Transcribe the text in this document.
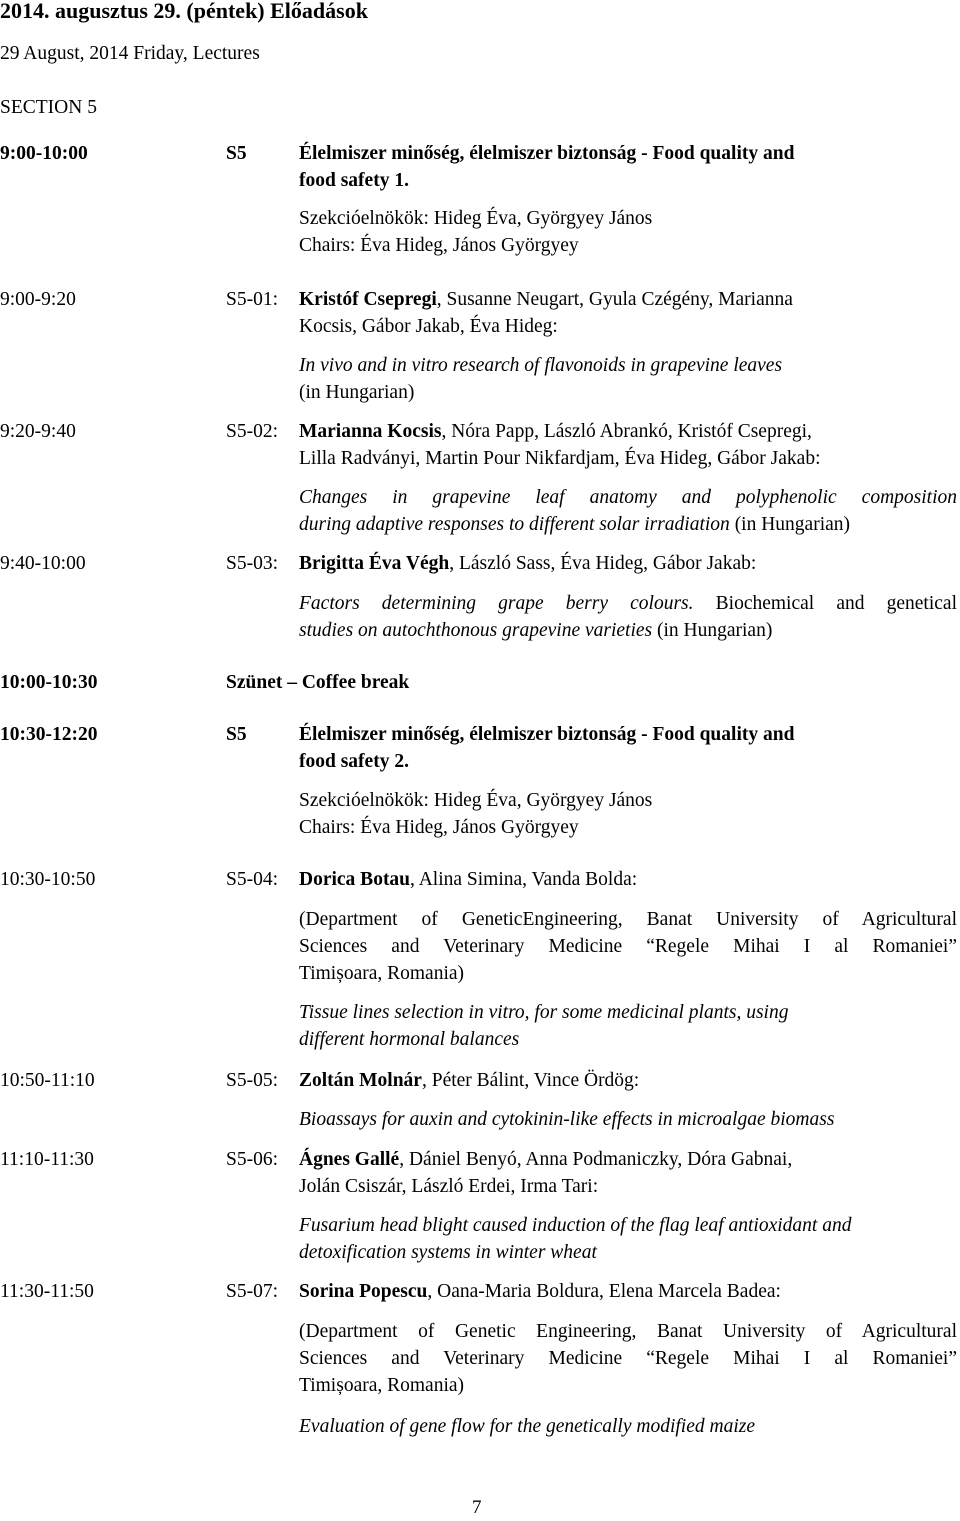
2014. augusztus 29. (péntek) Előadások
29 August, 2014 Friday, Lectures
SECTION 5
9:00-10:00	S5	Élelmiszer minőség, élelmiszer biztonság - Food quality and
food safety 1.
Szekcióelnökök: Hideg Éva, Györgyey János
Chairs: Éva Hideg, János Györgyey
9:00-9:20	S5-01: Kristóf Csepregi, Susanne Neugart, Gyula Czégény, Marianna
Kocsis, Gábor Jakab, Éva Hideg:
In vivo and in vitro research of flavonoids in grapevine leaves
(in Hungarian)
9:20-9:40	S5-02: Marianna Kocsis, Nóra Papp, László Abrankó, Kristóf Csepregi,
Lilla Radványi, Martin Pour Nikfardjam, Éva Hideg, Gábor Jakab:
Changes in grapevine leaf anatomy and polyphenolic composition
during adaptive responses to different solar irradiation (in Hungarian)
9:40-10:00	S5-03: Brigitta Éva Végh, László Sass, Éva Hideg, Gábor Jakab:
Factors determining grape berry colours. Biochemical and genetical
studies on autochthonous grapevine varieties (in Hungarian)
10:00-10:30	Szünet – Coffee break
10:30-12:20	S5	Élelmiszer minőség, élelmiszer biztonság - Food quality and
food safety 2.
Szekcióelnökök: Hideg Éva, Györgyey János
Chairs: Éva Hideg, János Györgyey
10:30-10:50	S5-04: Dorica Botau, Alina Simina, Vanda Bolda:
(Department of GeneticEngineering, Banat University of Agricultural
Sciences and Veterinary Medicine “Regele Mihai I al Romaniei”
Timișoara, Romania)
Tissue lines selection in vitro, for some medicinal plants, using
different hormonal balances
10:50-11:10	S5-05: Zoltán Molnár, Péter Bálint, Vince Ördög:
Bioassays for auxin and cytokinin-like effects in microalgae biomass
11:10-11:30	S5-06: Ágnes Gallé, Dániel Benyó, Anna Podmaniczky, Dóra Gabnai,
Jolán Csiszár, László Erdei, Irma Tari:
Fusarium head blight caused induction of the flag leaf antioxidant and
detoxification systems in winter wheat
11:30-11:50	S5-07: Sorina Popescu, Oana-Maria Boldura, Elena Marcela Badea:
(Department of Genetic Engineering, Banat University of Agricultural
Sciences and Veterinary Medicine “Regele Mihai I al Romaniei”
Timișoara, Romania)
Evaluation of gene flow for the genetically modified maize
7
